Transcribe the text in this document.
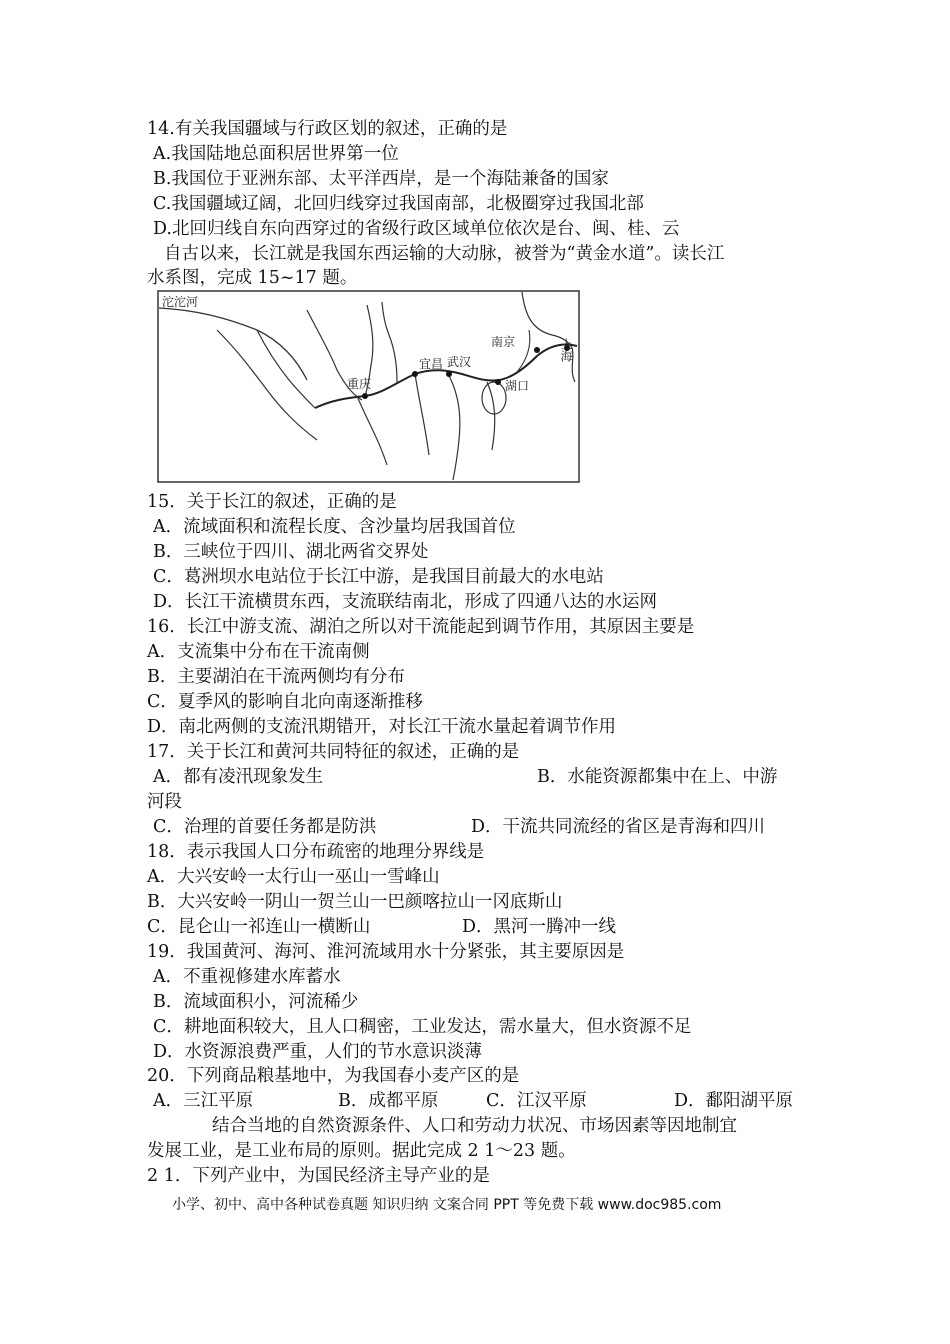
14.有关我国疆域与行政区划的叙述，正确的是
A.我国陆地总面积居世界第一位
B.我国位于亚洲东部、太平洋西岸，是一个海陆兼备的国家
C.我国疆域辽阔，北回归线穿过我国南部，北极圈穿过我国北部
D.北回归线自东向西穿过的省级行政区域单位依次是台、闽、桂、云
自古以来，长江就是我国东西运输的大动脉，被誉为“黄金水道”。读长江
水系图，完成 15~17 题。
沱沱河
南京	上海
宜昌 武汉
重庆	湖口
15．关于长江的叙述，正确的是
A．流域面积和流程长度、含沙量均居我国首位
B．三峡位于四川、湖北两省交界处
C．葛洲坝水电站位于长江中游，是我国目前最大的水电站
D．长江干流横贯东西，支流联结南北，形成了四通八达的水运网
16．长江中游支流、湖泊之所以对干流能起到调节作用，其原因主要是
A．支流集中分布在干流南侧
B．主要湖泊在干流两侧均有分布
C．夏季风的影响自北向南逐渐推移
D．南北两侧的支流汛期错开，对长江干流水量起着调节作用
17．关于长江和黄河共同特征的叙述，正确的是
A．都有凌汛现象发生	B．水能资源都集中在上、中游
河段
C．治理的首要任务都是防洪	D．干流共同流经的省区是青海和四川
18．表示我国人口分布疏密的地理分界线是
A．大兴安岭一太行山一巫山一雪峰山
B．大兴安岭一阴山一贺兰山一巴颜喀拉山一冈底斯山
C．昆仑山一祁连山一横断山	D．黑河一腾冲一线
19．我国黄河、海河、淮河流域用水十分紧张，其主要原因是
A．不重视修建水库蓄水
B．流域面积小，河流稀少
C．耕地面积较大，且人口稠密，工业发达，需水量大，但水资源不足
D．水资源浪费严重，人们的节水意识淡薄
20．下列商品粮基地中，为我国春小麦产区的是
A．三江平原	B．成都平原	C．江汉平原	D．鄱阳湖平原
结合当地的自然资源条件、人口和劳动力状况、市场因素等因地制宜
发展工业，是工业布局的原则。据此完成 2 1～23 题。
2 1．下列产业中，为国民经济主导产业的是
小学、初中、高中各种试卷真题 知识归纳 文案合同 PPT 等免费下载 www.doc985.com
